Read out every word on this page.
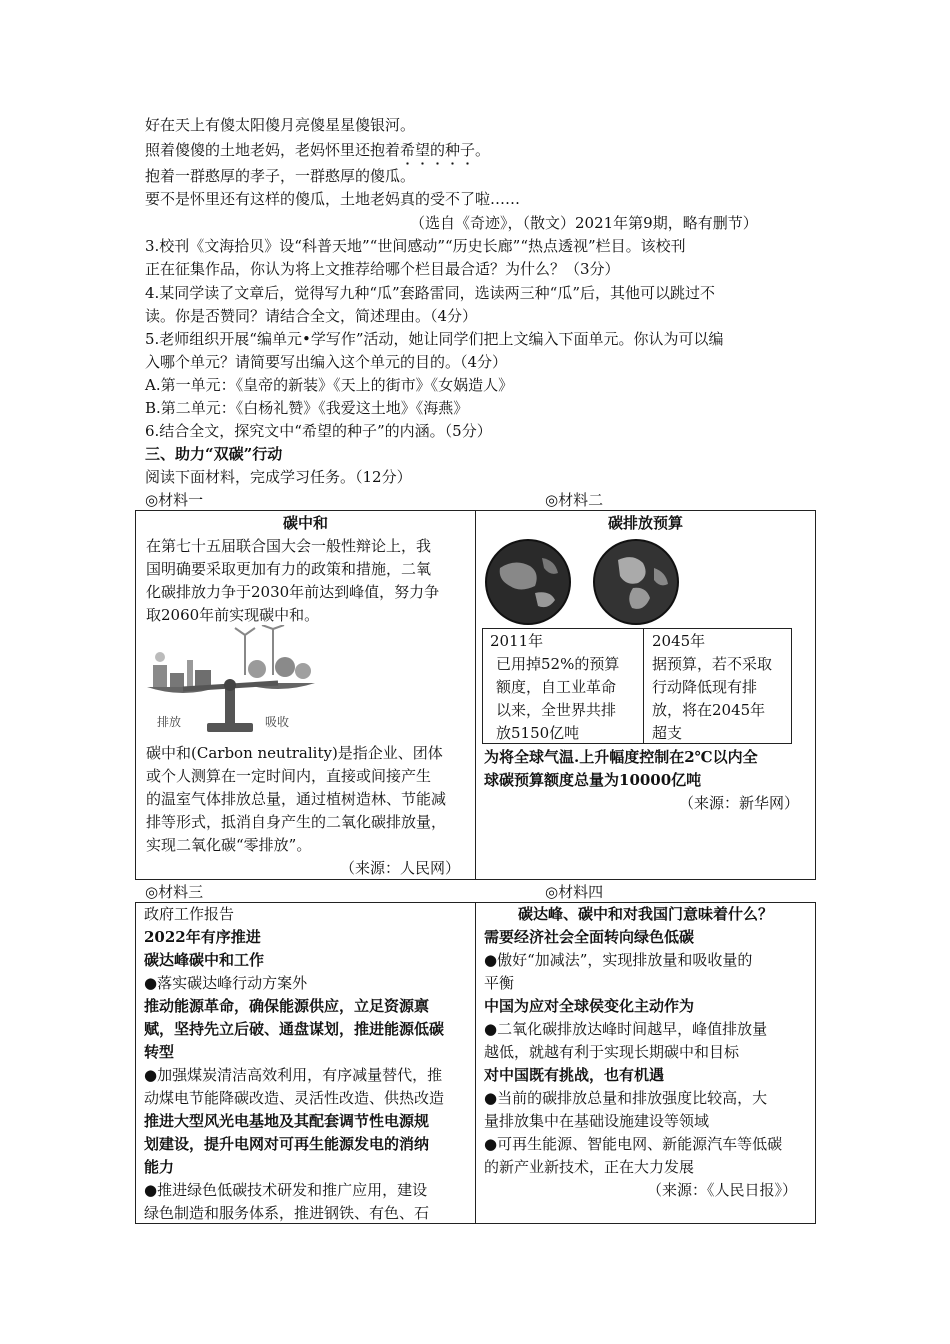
好在天上有傻太阳傻月亮傻星星傻银河。
照着傻傻的土地老妈，老妈怀里还抱着希望的种子。
抱着一群憨厚的孝子，一群憨厚的傻瓜。
要不是怀里还有这样的傻瓜，土地老妈真的受不了啦……
（选自《奇迹》，（散文）2021年第9期，略有删节）
3.校刊《文海拾贝》设“科普天地”“世间感动”“历史长廊”“热点透视”栏目。该校刊
正在征集作品，你认为将上文推荐给哪个栏目最合适？为什么？（3分）
4.某同学读了文章后，觉得写九种“瓜”套路雷同，选读两三种“瓜”后，其他可以跳过不
读。你是否赞同？请结合全文，简述理由。（4分）
5.老师组织开展“编单元•学写作”活动，她让同学们把上文编入下面单元。你认为可以编
入哪个单元？请简要写出编入这个单元的目的。（4分）
A.第一单元：《皇帝的新装》《天上的街市》《女娲造人》
B.第二单元：《白杨礼赞》《我爱这土地》《海燕》
6.结合全文，探究文中“希望的种子”的内涵。（5分）
三、助力“双碳”行动
阅读下面材料，完成学习任务。（12分）
◎材料一	◎材料二

碳中和

在第七十五届联合国大会一般性辩论上，我

国明确要采取更加有力的政策和措施，二氧

化碳排放力争于2030年前达到峰值，努力争

取2060年前实现碳中和。

排放	吸收

碳中和(Carbon neutrality)是指企业、团体

或个人测算在一定时间内，直接或间接产生

的温室气体排放总量，通过植树造林、节能减

排等形式，抵消自身产生的二氧化碳排放量，

实现二氧化碳“零排放”。

（来源：人民网）

碳排放预算

2011年

已用掉52%的预算

额度，自工业革命

以来，全世界共排

放5150亿吨

2045年

据预算，若不采取

行动降低现有排

放，将在2045年

超支

为将全球气温.上升幅度控制在2℃以内全

球碳预算额度总量为10000亿吨

（来源：新华网）

◎材料三	◎材料四

政府工作报告

2022年有序推进

碳达峰碳中和工作

● 落实碳达峰行动方案外

推动能源革命，确保能源供应，立足资源禀

赋，坚持先立后破、通盘谋划，推进能源低碳

转型

● 加强煤炭清洁高效利用，有序减量替代，推

动煤电节能降碳改造、灵活性改造、供热改造

推进大型风光电基地及其配套调节性电源规

划建设，提升电网对可再生能源发电的消纳

能力

● 推进绿色低碳技术研发和推广应用，建设

绿色制造和服务体系，推进钢铁、有色、石

碳达峰、碳中和对我国门意味着什么？

需要经济社会全面转向绿色低碳

● 傲好“加减法”，实现排放量和吸收量的

平衡

中国为应对全球侯变化主动作为

● 二氧化碳排放达峰时间越早，峰值排放量

越低，就越有利于实现长期碳中和目标

对中国既有挑战，也有机遇

● 当前的碳排放总量和排放强度比较高，大

量排放集中在基础设施建设等领域

● 可再生能源、智能电网、新能源汽车等低碳

的新产业新技术，正在大力发展

（来源：《人民日报》）
